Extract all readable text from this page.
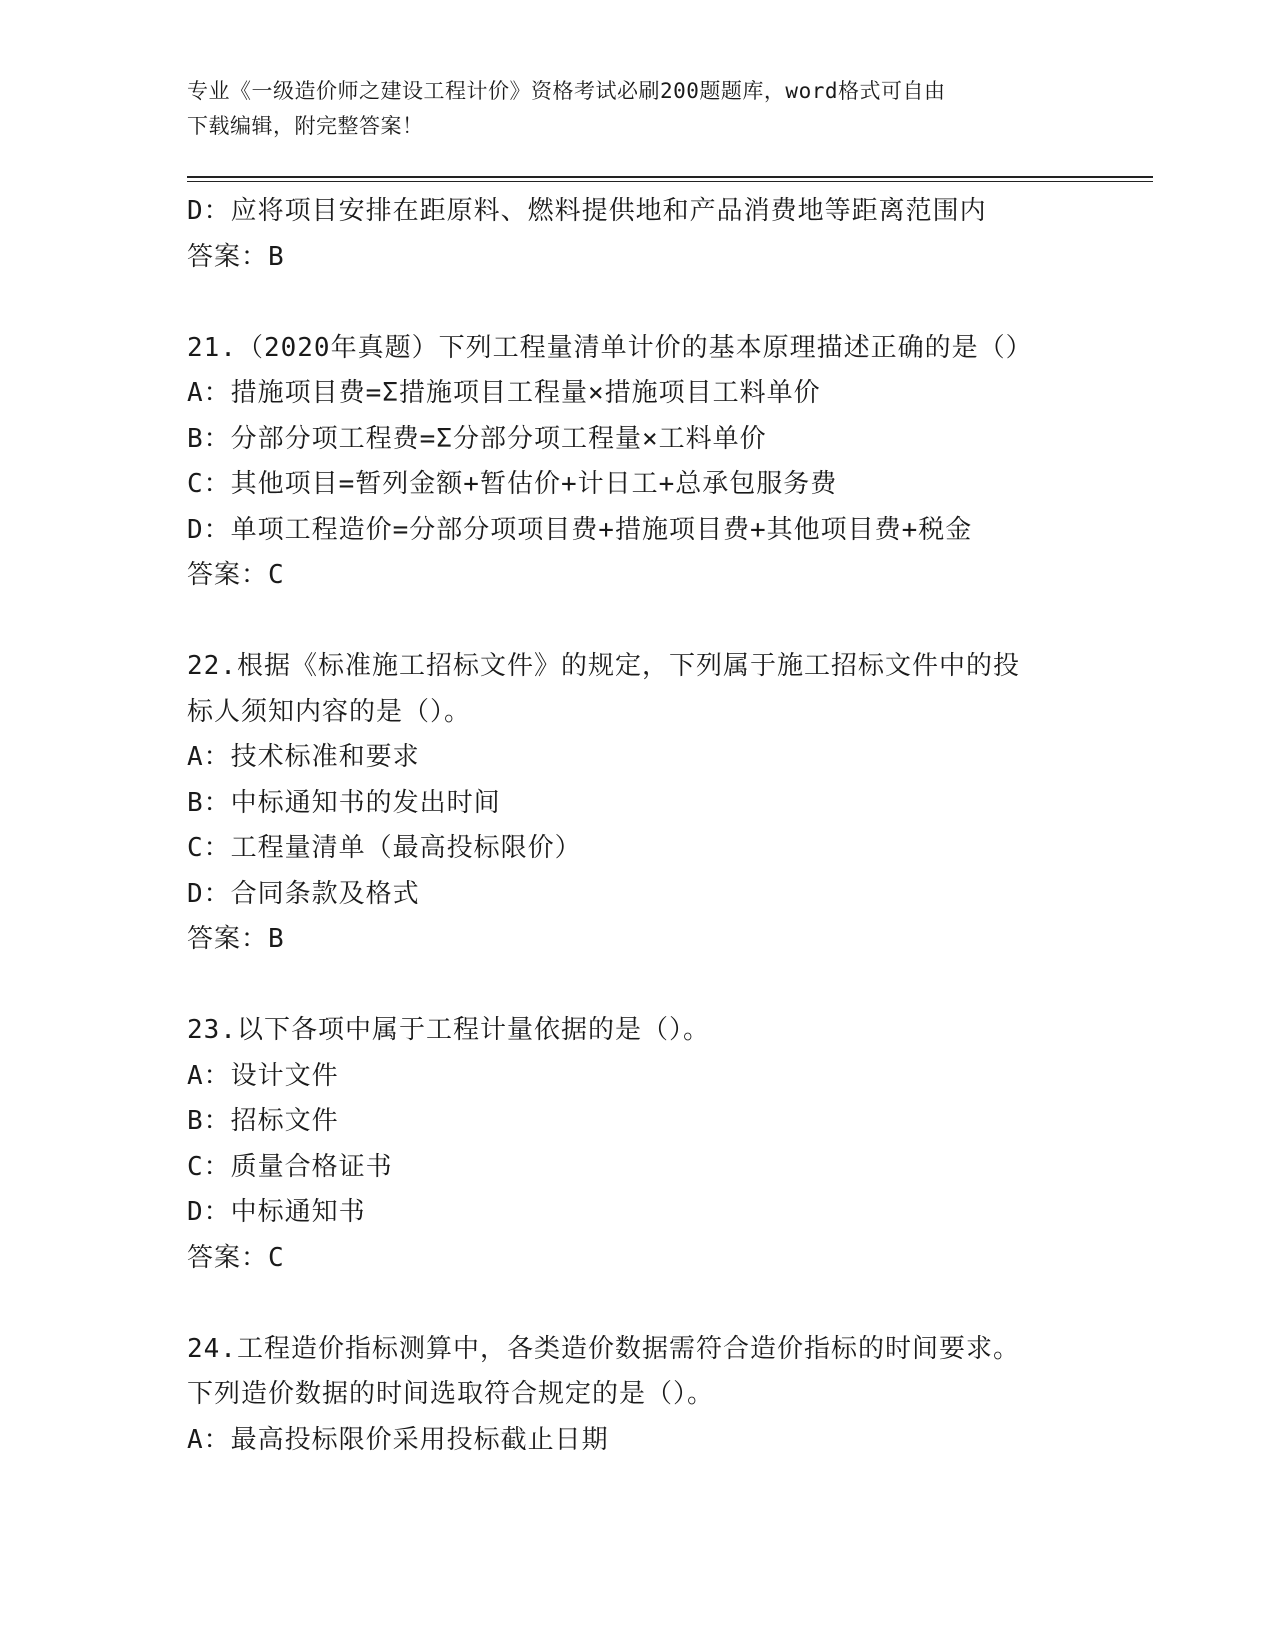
专业《一级造价师之建设工程计价》资格考试必刷200题题库，word格式可自由
下载编辑，附完整答案！
D：应将项目安排在距原料、燃料提供地和产品消费地等距离范围内
答案：B
21.（2020年真题）下列工程量清单计价的基本原理描述正确的是（）
A：措施项目费=Σ措施项目工程量×措施项目工料单价
B：分部分项工程费=Σ分部分项工程量×工料单价
C：其他项目=暂列金额+暂估价+计日工+总承包服务费
D：单项工程造价=分部分项项目费+措施项目费+其他项目费+税金
答案：C
22.根据《标准施工招标文件》的规定，下列属于施工招标文件中的投
标人须知内容的是（）。
A：技术标准和要求
B：中标通知书的发出时间
C：工程量清单（最高投标限价）
D：合同条款及格式
答案：B
23.以下各项中属于工程计量依据的是（）。
A：设计文件
B：招标文件
C：质量合格证书
D：中标通知书
答案：C
24.工程造价指标测算中，各类造价数据需符合造价指标的时间要求。
下列造价数据的时间选取符合规定的是（）。
A：最高投标限价采用投标截止日期
